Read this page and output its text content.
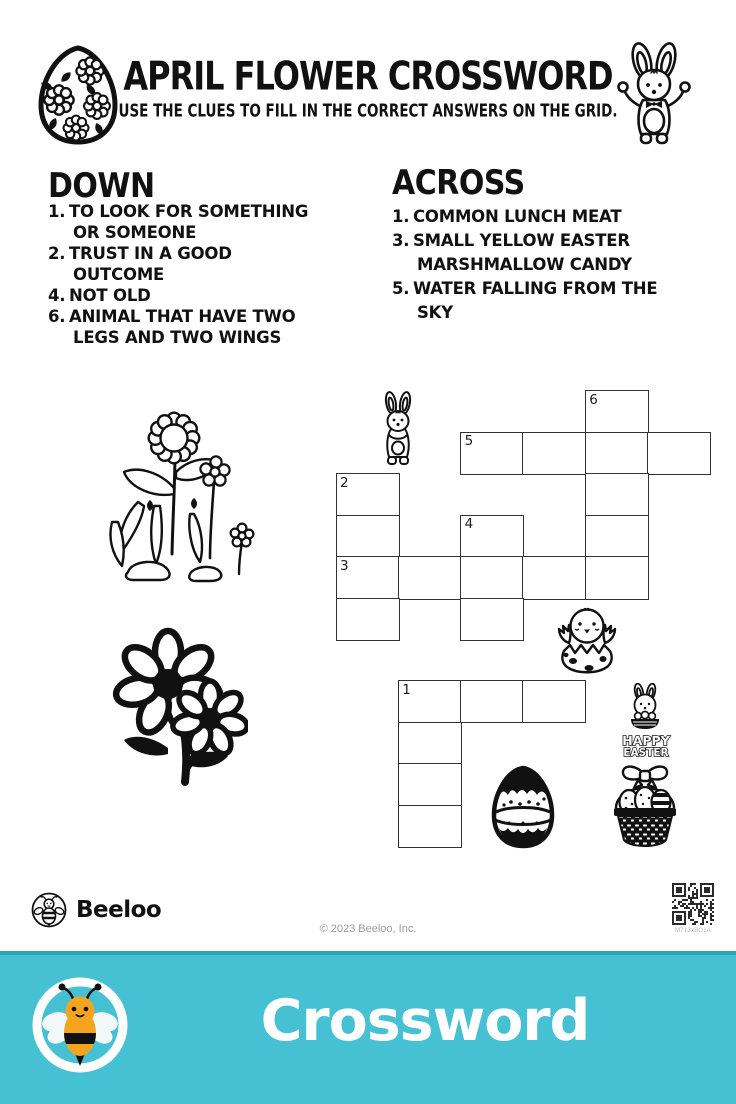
APRIL FLOWER CROSSWORD
USE THE CLUES TO FILL IN THE CORRECT ANSWERS ON THE GRID.
DOWN
1. TO LOOK FOR SOMETHING
OR SOMEONE
2. TRUST IN A GOOD
OUTCOME
4. NOT OLD
6. ANIMAL THAT HAVE TWO
LEGS AND TWO WINGS
ACROSS
1. COMMON LUNCH MEAT
3. SMALL YELLOW EASTER
MARSHMALLOW CANDY
5. WATER FALLING FROM THE
SKY
6
5
2
4
3
1
HAPPY
EASTER
Beeloo
© 2023 Beeloo, Inc.	M713xBO1A
Crossword
